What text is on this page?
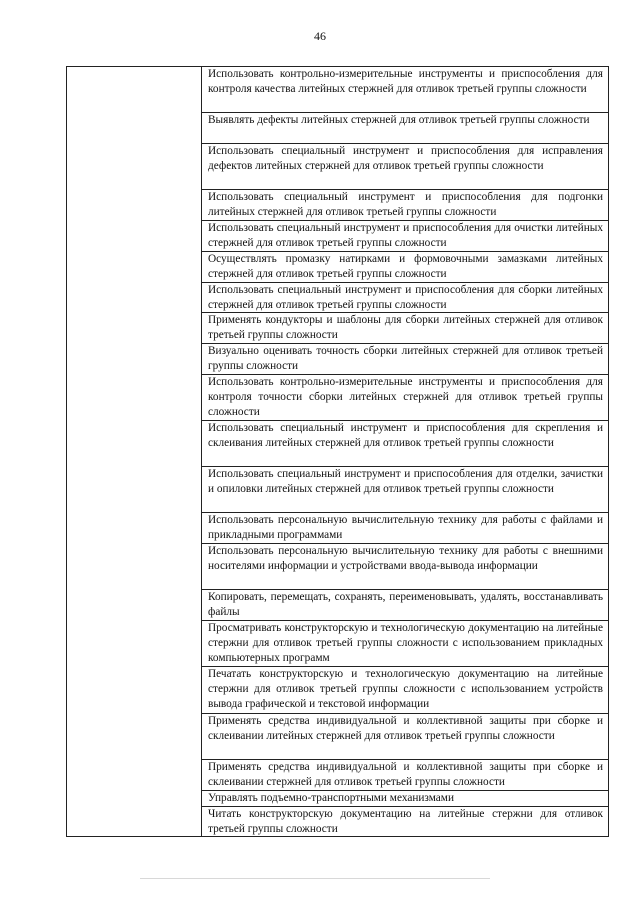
46
Использовать контрольно-измерительные инструменты и приспособления для контроля качества литейных стержней для отливок третьей группы сложности
Выявлять дефекты литейных стержней для отливок третьей группы сложности
Использовать специальный инструмент и приспособления для исправления дефектов литейных стержней для отливок третьей группы сложности
Использовать специальный инструмент и приспособления для подгонки литейных стержней для отливок третьей группы сложности
Использовать специальный инструмент и приспособления для очистки литейных стержней для отливок третьей группы сложности
Осуществлять промазку натирками и формовочными замазками литейных стержней для отливок третьей группы сложности
Использовать специальный инструмент и приспособления для сборки литейных стержней для отливок третьей группы сложности
Применять кондукторы и шаблоны для сборки литейных стержней для отливок третьей группы сложности
Визуально оценивать точность сборки литейных стержней для отливок третьей группы сложности
Использовать контрольно-измерительные инструменты и приспособления для контроля точности сборки литейных стержней для отливок третьей группы сложности
Использовать специальный инструмент и приспособления для скрепления и склеивания литейных стержней для отливок третьей группы сложности
Использовать специальный инструмент и приспособления для отделки, зачистки и опиловки литейных стержней для отливок третьей группы сложности
Использовать персональную вычислительную технику для работы с файлами и прикладными программами
Использовать персональную вычислительную технику для работы с внешними носителями информации и устройствами ввода-вывода информации
Копировать, перемещать, сохранять, переименовывать, удалять, восстанавливать файлы
Просматривать конструкторскую и технологическую документацию на литейные стержни для отливок третьей группы сложности с использованием прикладных компьютерных программ
Печатать конструкторскую и технологическую документацию на литейные стержни для отливок третьей группы сложности с использованием устройств вывода графической и текстовой информации
Применять средства индивидуальной и коллективной защиты при сборке и склеивании литейных стержней для отливок третьей группы сложности
Применять средства индивидуальной и коллективной защиты при сборке и склеивании стержней для отливок третьей группы сложности
Управлять подъемно-транспортными механизмами
Читать конструкторскую документацию на литейные стержни для отливок третьей группы сложности
